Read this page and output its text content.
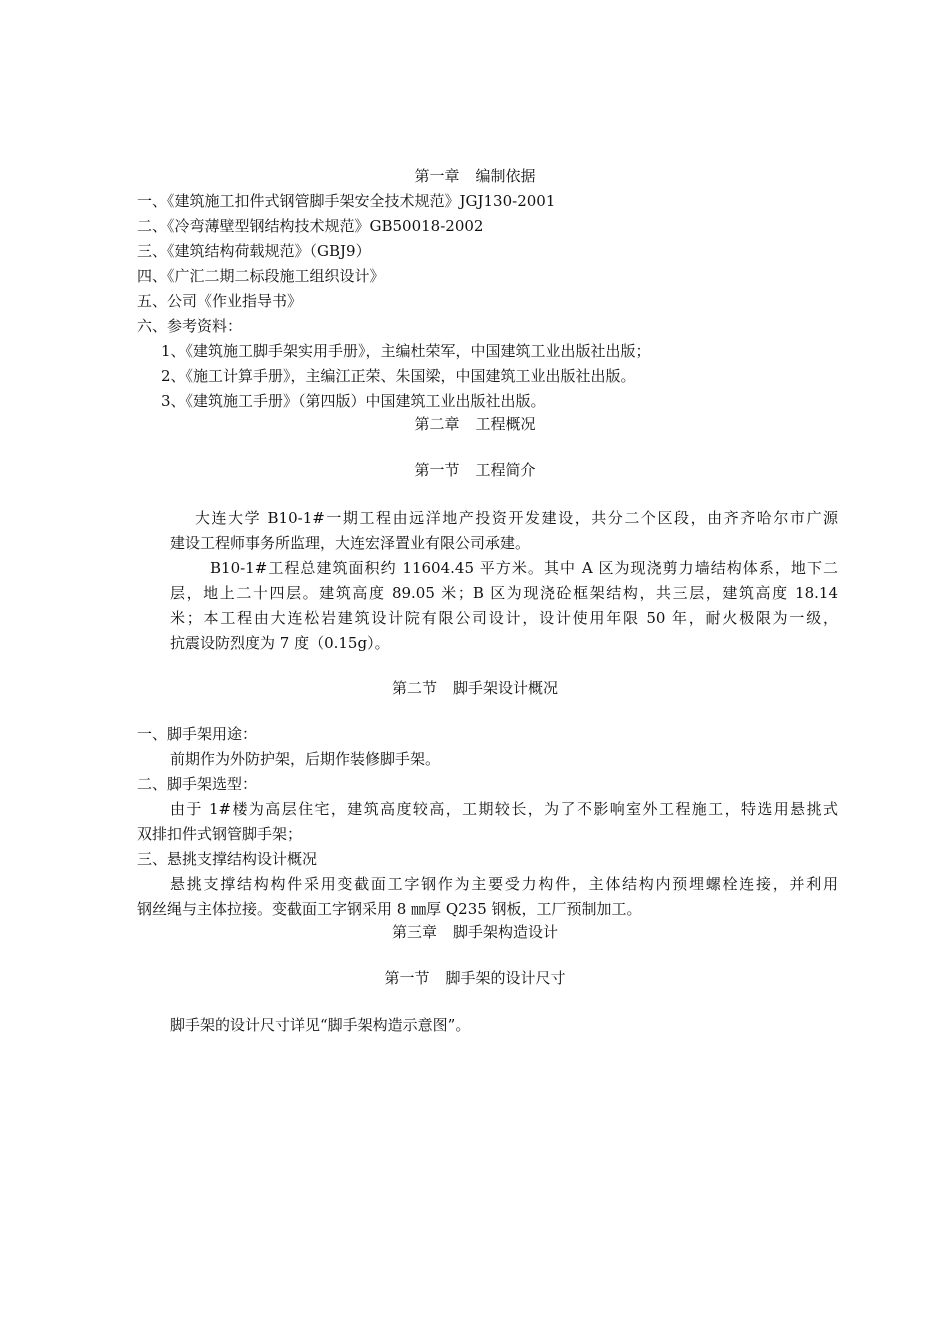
第一章 编制依据
一、《建筑施工扣件式钢管脚手架安全技术规范》JGJ130-2001
二、《冷弯薄壁型钢结构技术规范》GB50018-2002
三、《建筑结构荷载规范》（GBJ9）
四、《广汇二期二标段施工组织设计》
五、公司《作业指导书》
六、参考资料：
1、《建筑施工脚手架实用手册》，主编杜荣军，中国建筑工业出版社出版；
2、《施工计算手册》，主编江正荣、朱国梁，中国建筑工业出版社出版。
3、《建筑施工手册》（第四版）中国建筑工业出版社出版。
第二章 工程概况
第一节 工程简介
大连大学 B10-1#一期工程由远洋地产投资开发建设，共分二个区段，由齐齐哈尔市广源
建设工程师事务所监理，大连宏泽置业有限公司承建。
B10-1#工程总建筑面积约 11604.45 平方米。其中 A 区为现浇剪力墙结构体系，地下二
层，地上二十四层。建筑高度 89.05 米；B 区为现浇砼框架结构，共三层，建筑高度 18.14
米；本工程由大连松岩建筑设计院有限公司设计，设计使用年限 50 年，耐火极限为一级，
抗震设防烈度为 7 度（0.15g）。
第二节 脚手架设计概况
一、脚手架用途：
前期作为外防护架，后期作装修脚手架。
二、脚手架选型：
由于 1#楼为高层住宅，建筑高度较高，工期较长，为了不影响室外工程施工，特选用悬挑式
双排扣件式钢管脚手架；
三、悬挑支撑结构设计概况
悬挑支撑结构构件采用变截面工字钢作为主要受力构件，主体结构内预埋螺栓连接，并利用
钢丝绳与主体拉接。变截面工字钢采用 8 ㎜厚 Q235 钢板，工厂预制加工。
第三章 脚手架构造设计
第一节 脚手架的设计尺寸
脚手架的设计尺寸详见“脚手架构造示意图”。
